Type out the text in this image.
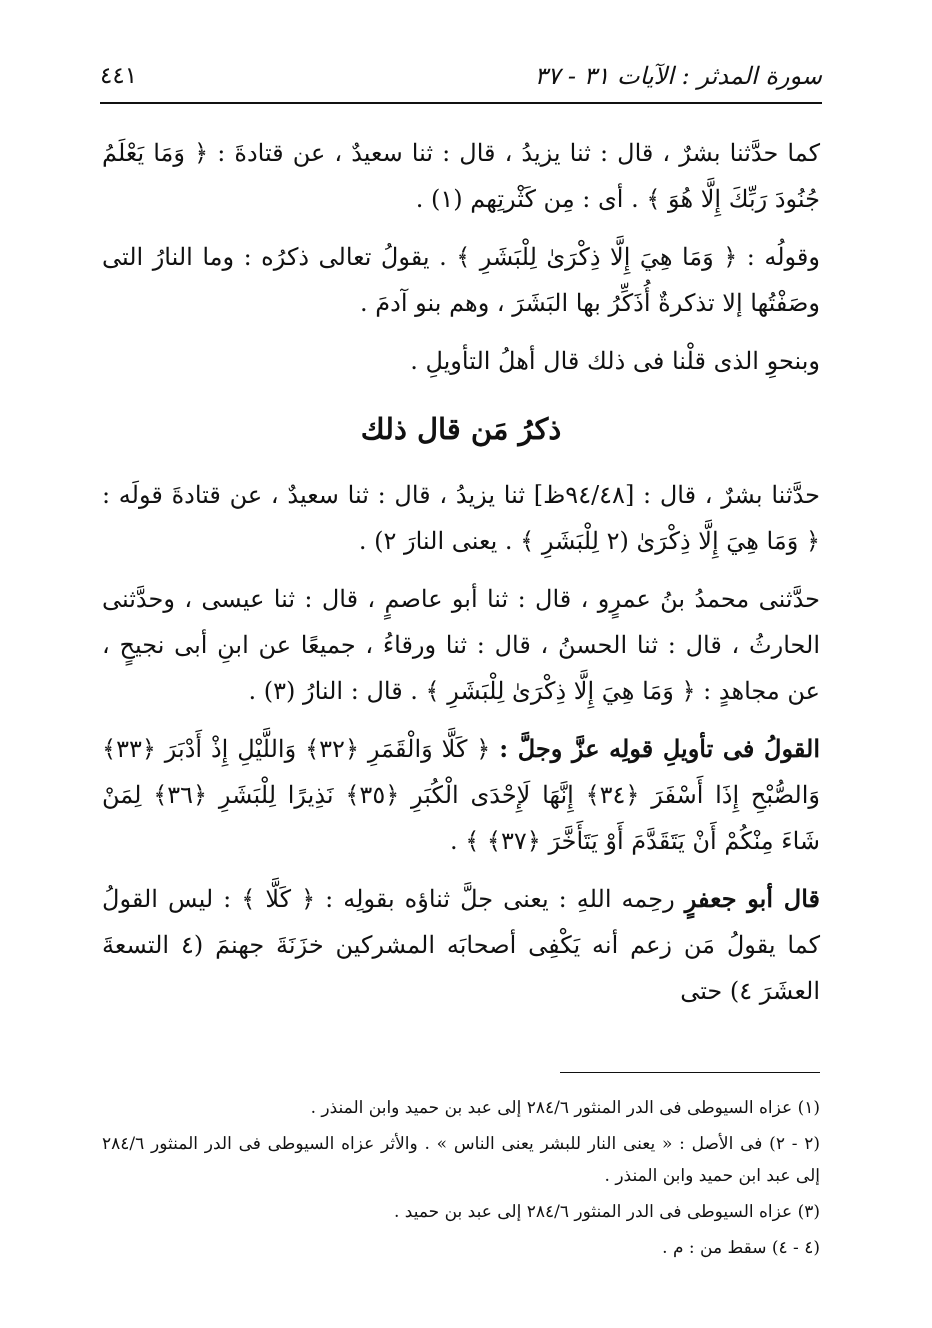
سورة المدثر : الآيات ٣١ - ٣٧
٤٤١

كما حدَّثنا بشرٌ ، قال : ثنا يزيدُ ، قال : ثنا سعيدٌ ، عن قتادةَ : ﴿ وَمَا يَعْلَمُ جُنُودَ رَبِّكَ إِلَّا هُوَ ﴾ . أى : مِن كَثْرتِهم (١) .

وقولُه : ﴿ وَمَا هِيَ إِلَّا ذِكْرَىٰ لِلْبَشَرِ ﴾ . يقولُ تعالى ذكرُه : وما النارُ التى وصَفْتُها إلا تذكرةٌ أُذَكِّرُ بها البَشَرَ ، وهم بنو آدمَ .

وبنحوِ الذى قلْنا فى ذلك قال أهلُ التأويلِ .

ذكرُ مَن قال ذلك

حدَّثنا بشرٌ ، قال : [٩٤/٤٨ظ] ثنا يزيدُ ، قال : ثنا سعيدٌ ، عن قتادةَ قولَه : ﴿ وَمَا هِيَ إِلَّا ذِكْرَىٰ (٢ لِلْبَشَرِ ﴾ . يعنى النارَ ٢) .

حدَّثنى محمدُ بنُ عمرٍو ، قال : ثنا أبو عاصمٍ ، قال : ثنا عيسى ، وحدَّثنى الحارثُ ، قال : ثنا الحسنُ ، قال : ثنا ورقاءُ ، جميعًا عن ابنِ أبى نجيحٍ ، عن مجاهدٍ : ﴿ وَمَا هِيَ إِلَّا ذِكْرَىٰ لِلْبَشَرِ ﴾ . قال : النارُ (٣) .

القولُ فى تأويلِ قولِه عزَّ وجلَّ : ﴿ كَلَّا وَالْقَمَرِ ﴿٣٢﴾ وَاللَّيْلِ إِذْ أَدْبَرَ ﴿٣٣﴾ وَالصُّبْحِ إِذَا أَسْفَرَ ﴿٣٤﴾ إِنَّهَا لَإِحْدَى الْكُبَرِ ﴿٣٥﴾ نَذِيرًا لِلْبَشَرِ ﴿٣٦﴾ لِمَنْ شَاءَ مِنْكُمْ أَنْ يَتَقَدَّمَ أَوْ يَتَأَخَّرَ ﴿٣٧﴾ ﴾ .

قال أبو جعفرٍ رحِمه اللهِ : يعنى جلَّ ثناؤه بقولِه : ﴿ كَلَّا ﴾ : ليس القولُ كما يقولُ مَن زعم أنه يَكْفِى أصحابَه المشركين خزَنَةَ جهنمَ (٤ التسعةَ العشَرَ ٤) حتى

(١) عزاه السيوطى فى الدر المنثور ٢٨٤/٦ إلى عبد بن حميد وابن المنذر .

(٢ - ٢) فى الأصل : « يعنى النار للبشر يعنى الناس » . والأثر عزاه السيوطى فى الدر المنثور ٢٨٤/٦ إلى عبد ابن حميد وابن المنذر .

(٣) عزاه السيوطى فى الدر المنثور ٢٨٤/٦ إلى عبد بن حميد .

(٤ - ٤) سقط من : م .
